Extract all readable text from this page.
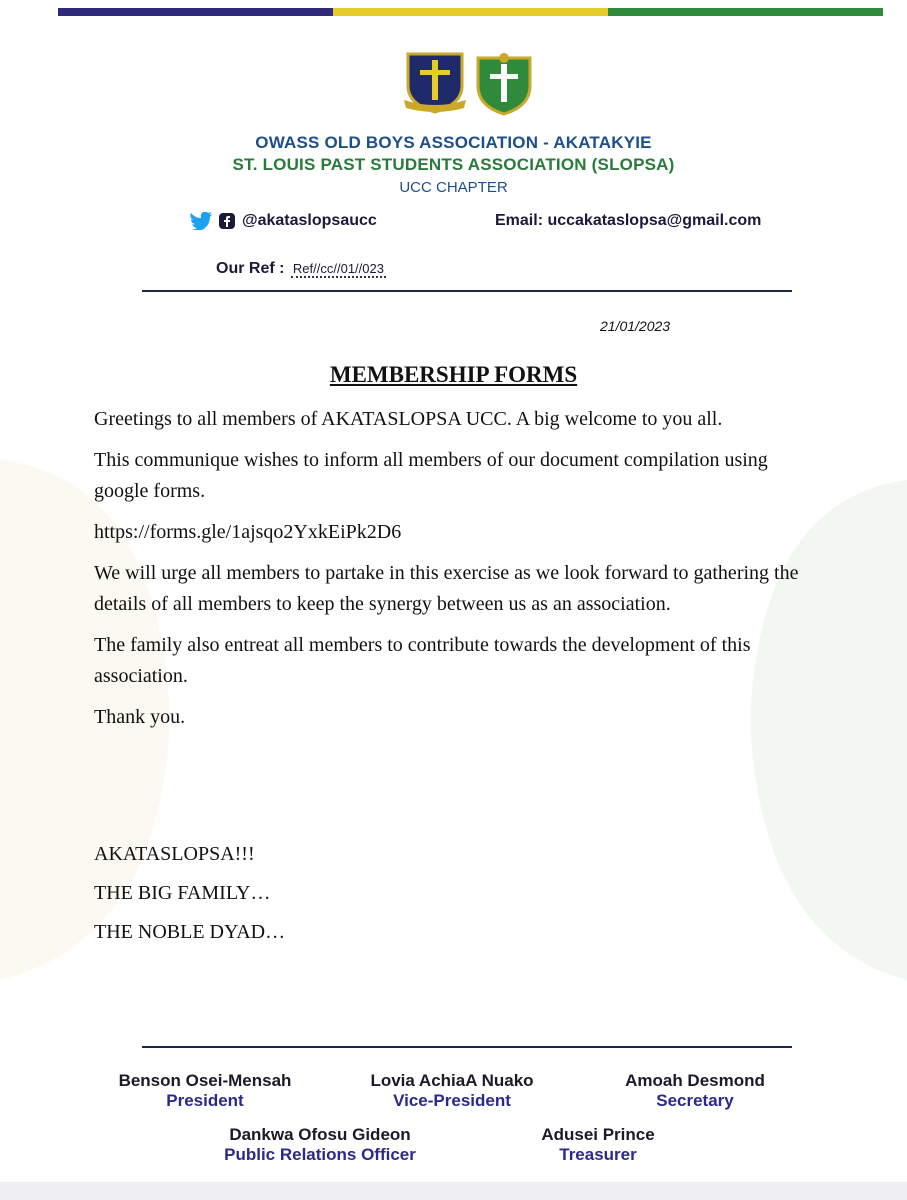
OWASS OLD BOYS ASSOCIATION - AKATAKYIE
ST. LOUIS PAST STUDENTS ASSOCIATION (SLOPSA)
UCC CHAPTER
@akataslopsaucc	Email: uccakataslopsa@gmail.com
Our Ref : Ref//cc//01//023
21/01/2023
MEMBERSHIP FORMS

Greetings to all members of AKATASLOPSA UCC. A big welcome to you all.

This communique wishes to inform all members of our document compilation using google forms.

https://forms.gle/1ajsqo2YxkEiPk2D6

We will urge all members to partake in this exercise as we look forward to gathering the details of all members to keep the synergy between us as an association.

The family also entreat all members to contribute towards the development of this association.

Thank you.

AKATASLOPSA!!!
THE BIG FAMILY…
THE NOBLE DYAD…
Benson Osei-Mensah
President
Lovia AchiaA Nuako
Vice-President
Amoah Desmond
Secretary
Dankwa Ofosu Gideon
Public Relations Officer
Adusei Prince
Treasurer
